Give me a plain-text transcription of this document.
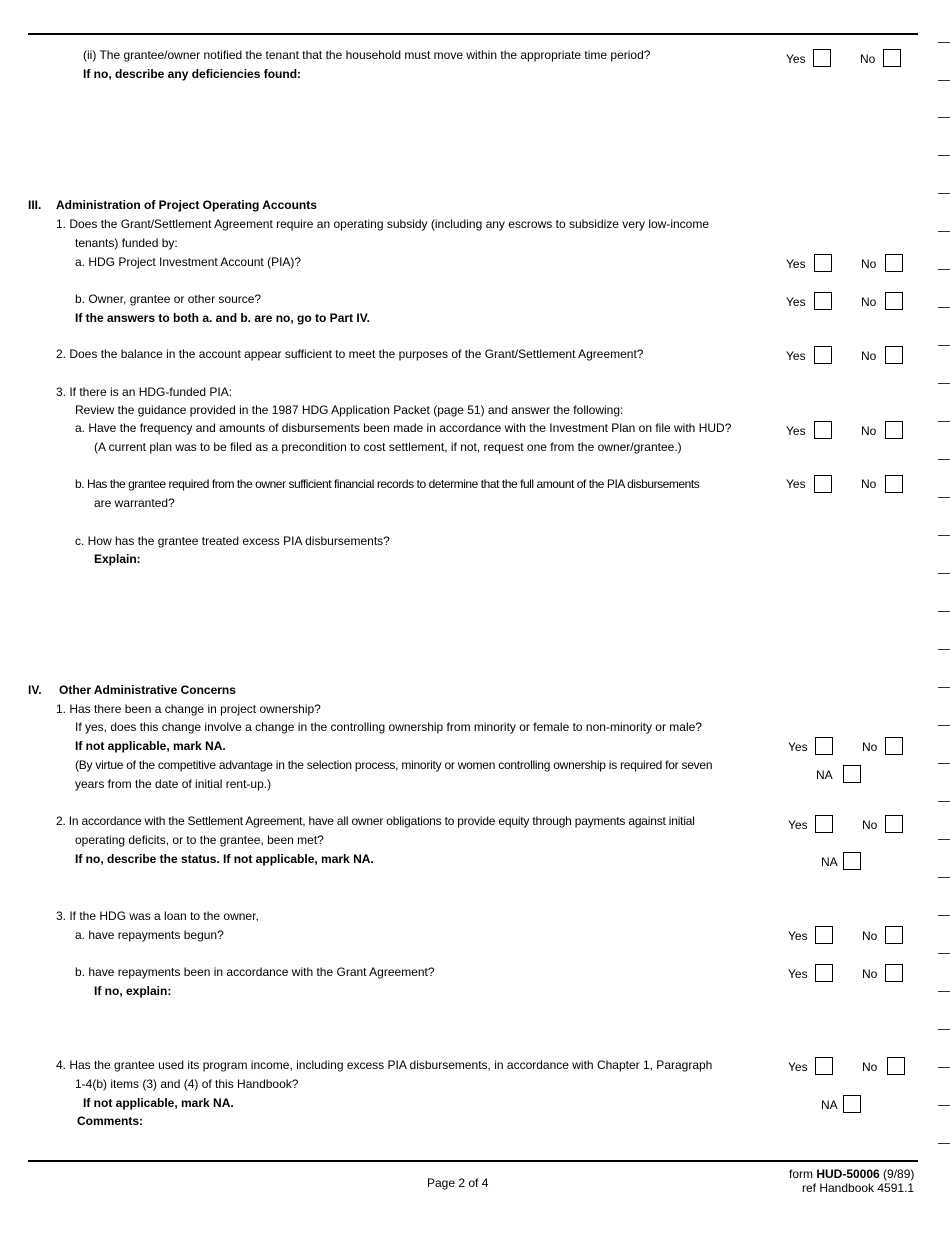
(ii) The grantee/owner notified the tenant that the household must move within the appropriate time period?
If no, describe any deficiencies found:
Yes	No
III. Administration of Project Operating Accounts
1. Does the Grant/Settlement Agreement require an operating subsidy (including any escrows to subsidize very low-income
tenants) funded by:
a. HDG Project Investment Account (PIA)?	Yes	No
b. Owner, grantee or other source?
If the answers to both a. and b. are no, go to Part IV.
Yes	No
2. Does the balance in the account appear sufficient to meet the purposes of the Grant/Settlement Agreement?	Yes	No
3. If there is an HDG-funded PIA:
Review the guidance provided in the 1987 HDG Application Packet (page 51) and answer the following:
a. Have the frequency and amounts of disbursements been made in accordance with the Investment Plan on file with HUD?
(A current plan was to be filed as a precondition to cost settlement, if not, request one from the owner/grantee.)
Yes	No
b. Has the grantee required from the owner sufficient financial records to determine that the full amount of the PIA disbursements
are warranted?
Yes	No
c. How has the grantee treated excess PIA disbursements?
Explain:
IV. Other Administrative Concerns
1. Has there been a change in project ownership?
If yes, does this change involve a change in the controlling ownership from minority or female to non-minority or male?
If not applicable, mark NA.
(By virtue of the competitive advantage in the selection process, minority or women controlling ownership is required for seven
years from the date of initial rent-up.)
Yes	No
NA
2. In accordance with the Settlement Agreement, have all owner obligations to provide equity through payments against initial
operating deficits, or to the grantee, been met?
If no, describe the status. If not applicable, mark NA.
Yes	No
NA
3. If the HDG was a loan to the owner,
a. have repayments begun?	Yes	No
b. have repayments been in accordance with the Grant Agreement?
If no, explain:
Yes	No
4. Has the grantee used its program income, including excess PIA disbursements, in accordance with Chapter 1, Paragraph
1-4(b) items (3) and (4) of this Handbook?
If not applicable, mark NA.
Comments:
Yes	No
NA
Page 2 of 4
form HUD-50006 (9/89)
ref Handbook 4591.1
